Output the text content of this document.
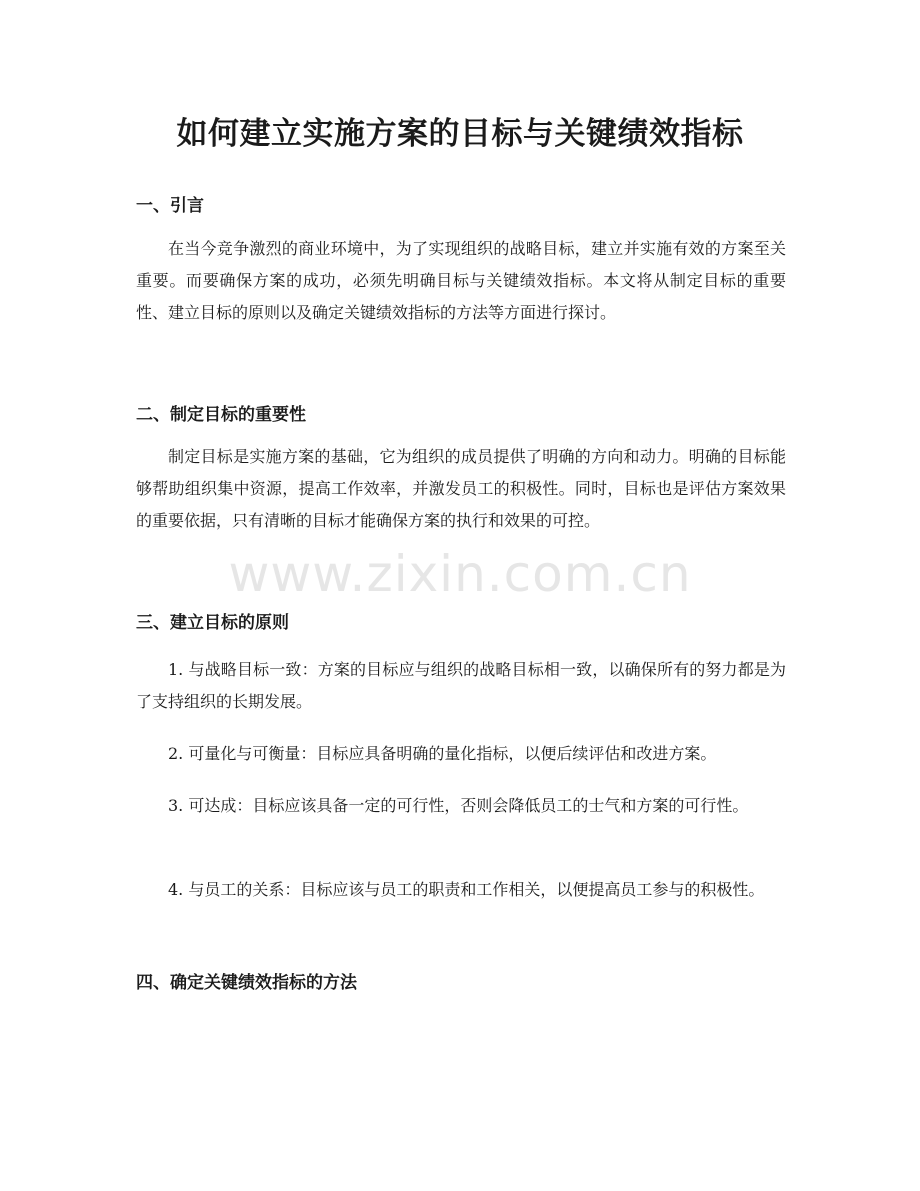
如何建立实施方案的目标与关键绩效指标
www.zixin.com.cn
一、引言

在当今竞争激烈的商业环境中，为了实现组织的战略目标，建立并实施有效的方案至关重要。而要确保方案的成功，必须先明确目标与关键绩效指标。本文将从制定目标的重要性、建立目标的原则以及确定关键绩效指标的方法等方面进行探讨。

二、制定目标的重要性

制定目标是实施方案的基础，它为组织的成员提供了明确的方向和动力。明确的目标能够帮助组织集中资源，提高工作效率，并激发员工的积极性。同时，目标也是评估方案效果的重要依据，只有清晰的目标才能确保方案的执行和效果的可控。

三、建立目标的原则

1. 与战略目标一致：方案的目标应与组织的战略目标相一致，以确保所有的努力都是为了支持组织的长期发展。

2. 可量化与可衡量：目标应具备明确的量化指标，以便后续评估和改进方案。

3. 可达成：目标应该具备一定的可行性，否则会降低员工的士气和方案的可行性。

4. 与员工的关系：目标应该与员工的职责和工作相关，以便提高员工参与的积极性。

四、确定关键绩效指标的方法
